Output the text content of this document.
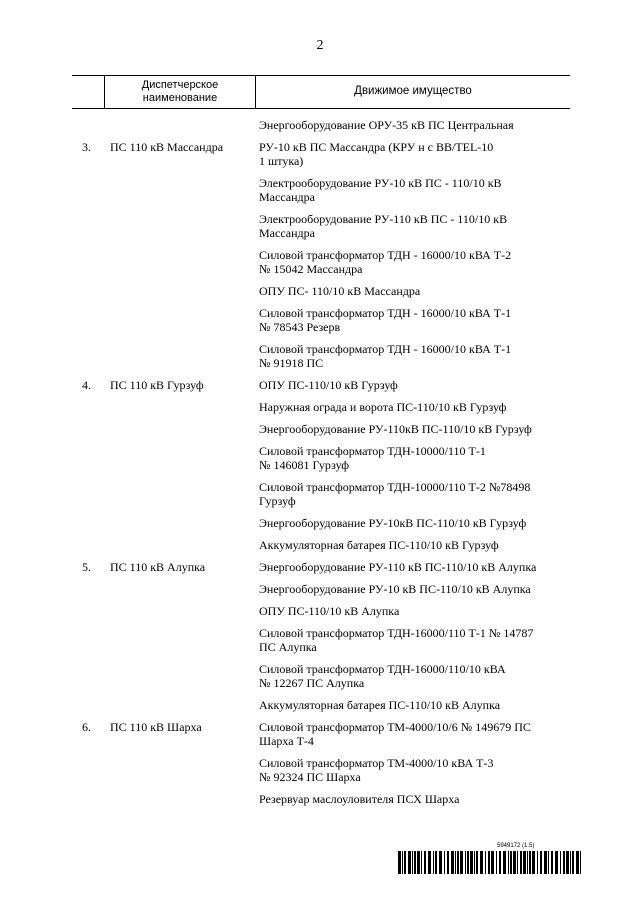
2
Диспетчерское наименование
Движимое имущество
Энергооборудование ОРУ-35 кВ ПС Центральная
3. ПС 110 кВ Массандра	РУ-10 кВ ПС Массандра (КРУ н с ВВ/TEL-10
1 штука)
Электрооборудование РУ-10 кВ ПС - 110/10 кВ
Массандра
Электрооборудование РУ-110 кВ ПС - 110/10 кВ
Массандра
Силовой трансформатор ТДН - 16000/10 кВА Т-2
№ 15042 Массандра
ОПУ ПС- 110/10 кВ Массандра
Силовой трансформатор ТДН - 16000/10 кВА Т-1
№ 78543 Резерв
Силовой трансформатор ТДН - 16000/10 кВА Т-1
№ 91918 ПС
4. ПС 110 кВ Гурзуф	ОПУ ПС-110/10 кВ Гурзуф
Наружная ограда и ворота ПС-110/10 кВ Гурзуф
Энергооборудование РУ-110кВ ПС-110/10 кВ Гурзуф
Силовой трансформатор ТДН-10000/110 Т-1
№ 146081 Гурзуф
Силовой трансформатор ТДН-10000/110 Т-2 №78498
Гурзуф
Энергооборудование РУ-10кВ ПС-110/10 кВ Гурзуф
Аккумуляторная батарея ПС-110/10 кВ Гурзуф
5. ПС 110 кВ Алупка	Энергооборудование РУ-110 кВ ПС-110/10 кВ Алупка
Энергооборудование РУ-10 кВ ПС-110/10 кВ Алупка
ОПУ ПС-110/10 кВ Алупка
Силовой трансформатор ТДН-16000/110 Т-1 № 14787
ПС Алупка
Силовой трансформатор ТДН-16000/110/10 кВА
№ 12267 ПС Алупка
Аккумуляторная батарея ПС-110/10 кВ Алупка
6. ПС 110 кВ Шарха	Силовой трансформатор ТМ-4000/10/6 № 149679 ПС
Шарха Т-4
Силовой трансформатор ТМ-4000/10 кВА Т-3
№ 92324 ПС Шарха
Резервуар маслоуловителя ПСХ Шарха
5949172 (1.5)
